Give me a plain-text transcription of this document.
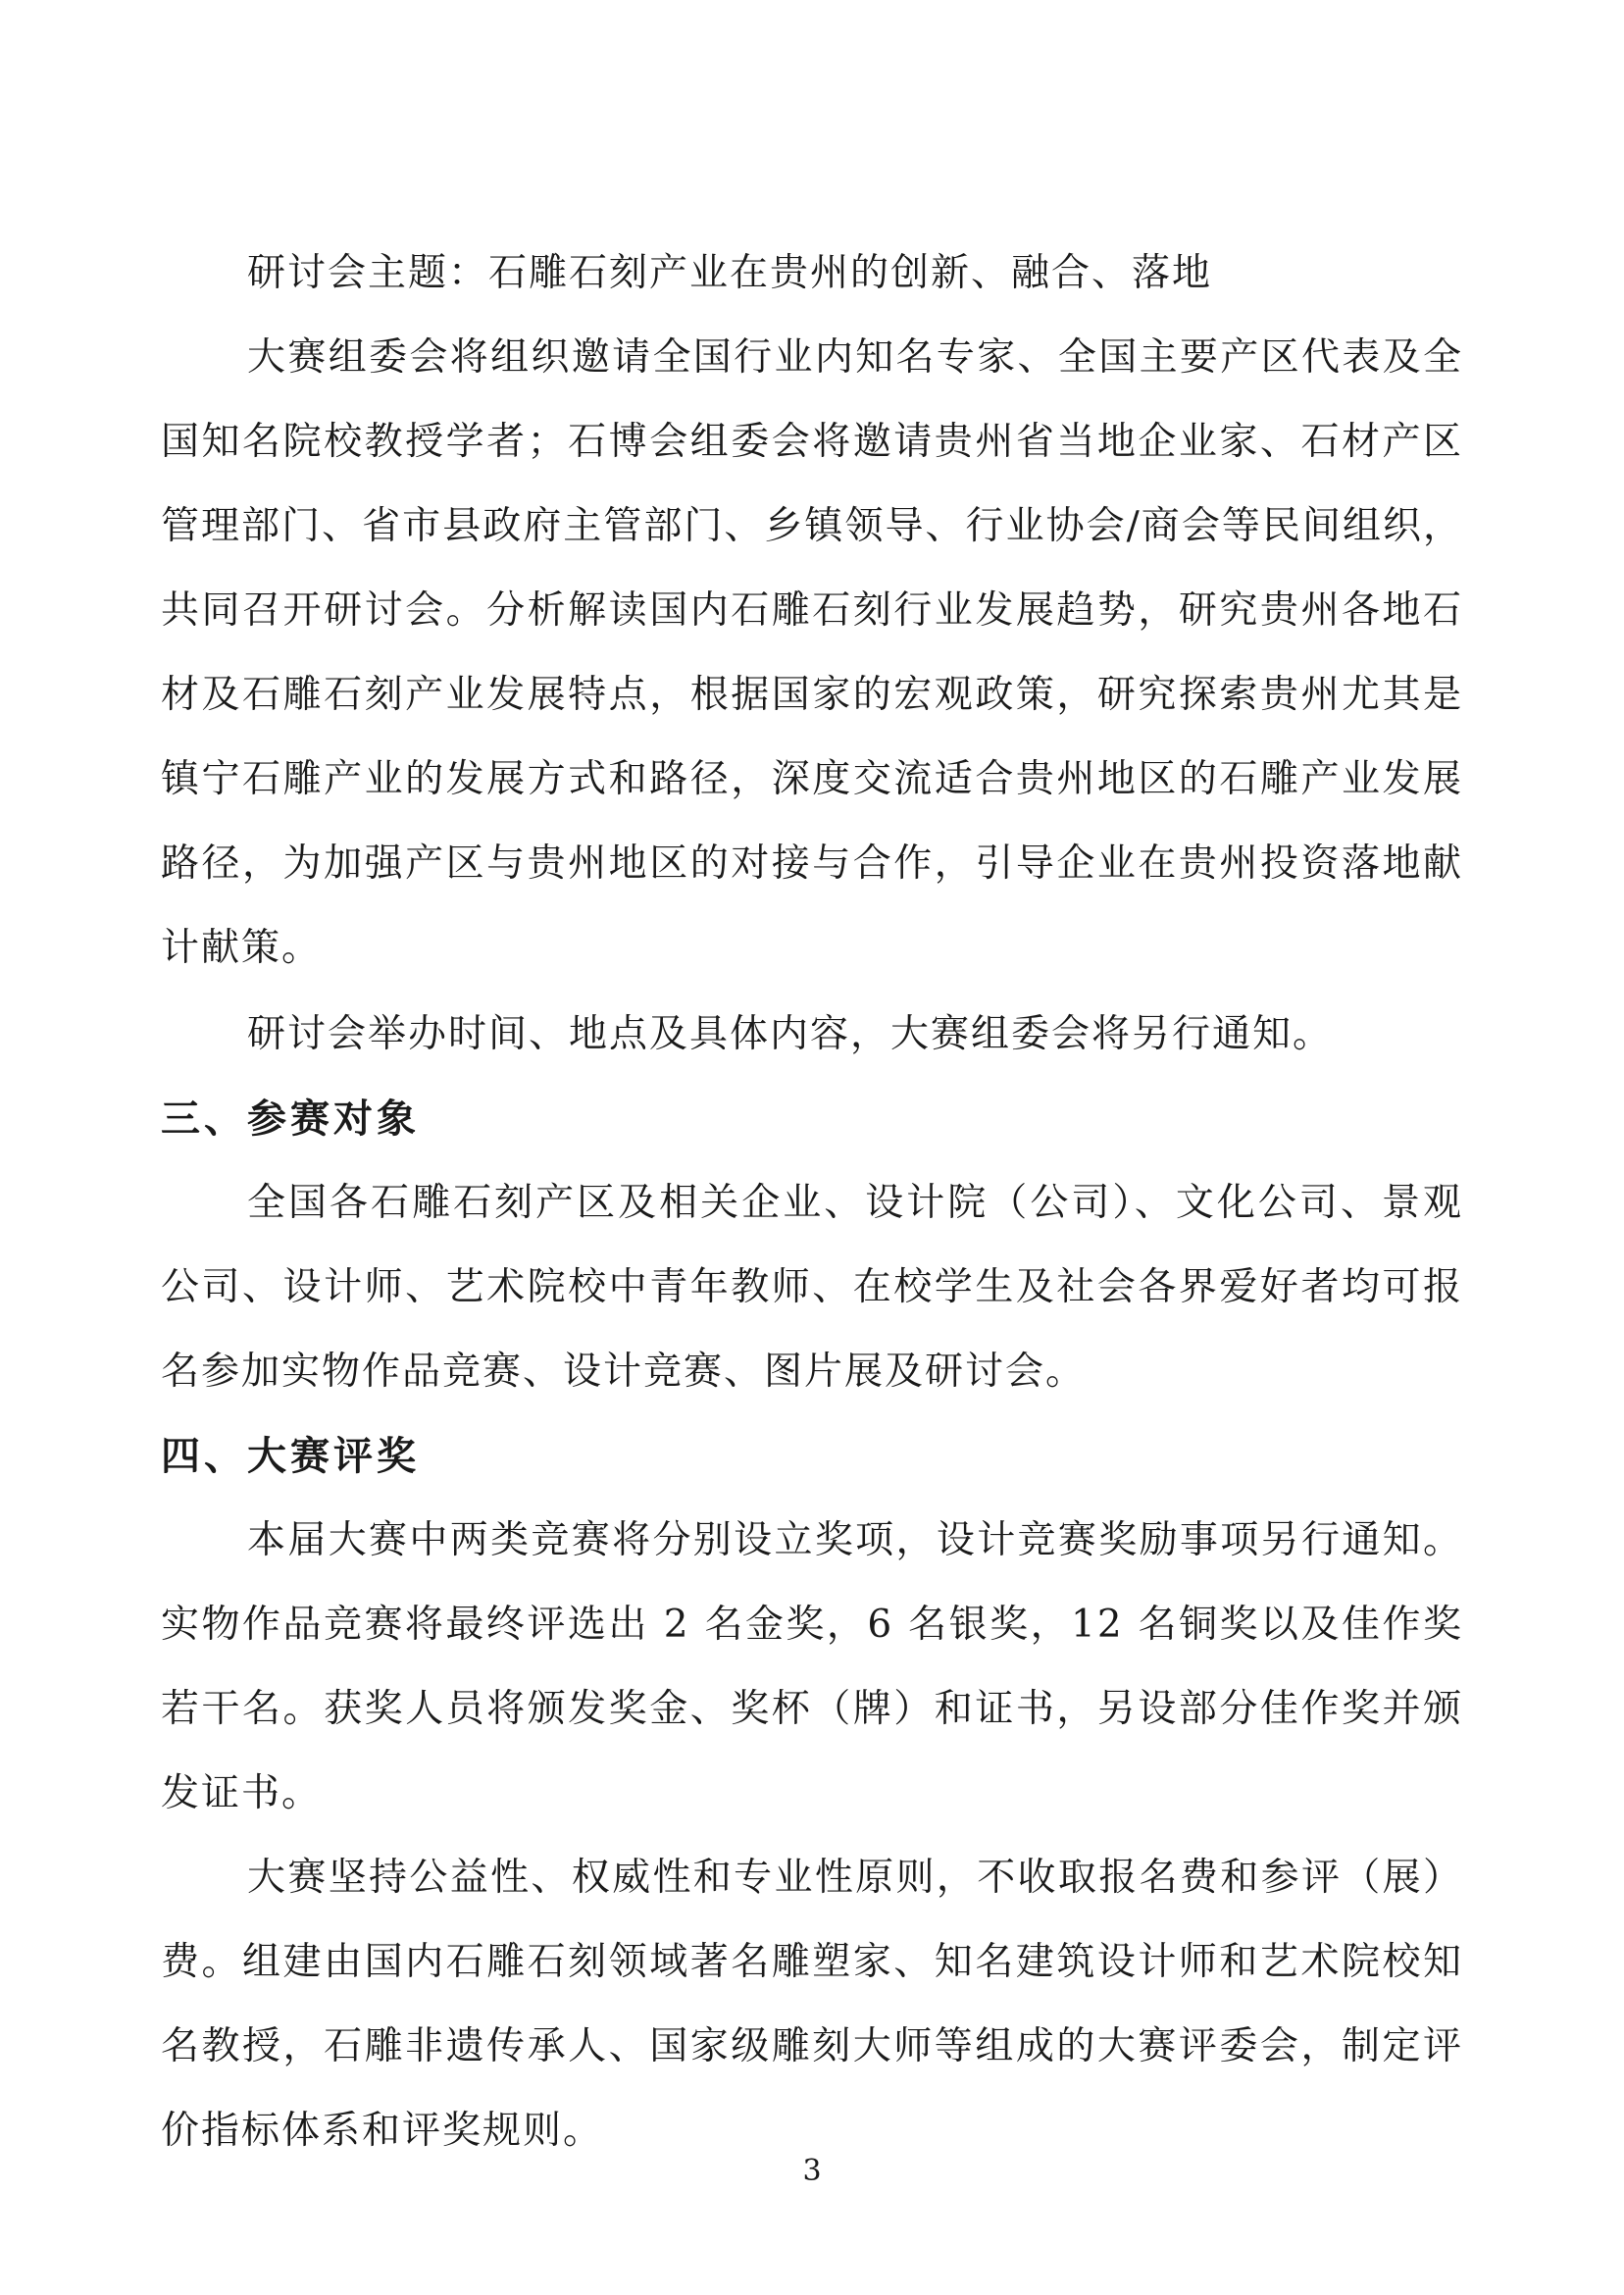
研讨会主题：石雕石刻产业在贵州的创新、融合、落地

大赛组委会将组织邀请全国行业内知名专家、全国主要产区代表及全国知名院校教授学者；石博会组委会将邀请贵州省当地企业家、石材产区管理部门、省市县政府主管部门、乡镇领导、行业协会/商会等民间组织，共同召开研讨会。分析解读国内石雕石刻行业发展趋势，研究贵州各地石材及石雕石刻产业发展特点，根据国家的宏观政策，研究探索贵州尤其是镇宁石雕产业的发展方式和路径，深度交流适合贵州地区的石雕产业发展路径，为加强产区与贵州地区的对接与合作，引导企业在贵州投资落地献计献策。

研讨会举办时间、地点及具体内容，大赛组委会将另行通知。

三、参赛对象

全国各石雕石刻产区及相关企业、设计院（公司）、文化公司、景观公司、设计师、艺术院校中青年教师、在校学生及社会各界爱好者均可报名参加实物作品竞赛、设计竞赛、图片展及研讨会。

四、大赛评奖

本届大赛中两类竞赛将分别设立奖项，设计竞赛奖励事项另行通知。实物作品竞赛将最终评选出 2 名金奖，6 名银奖，12 名铜奖以及佳作奖若干名。获奖人员将颁发奖金、奖杯（牌）和证书，另设部分佳作奖并颁发证书。

大赛坚持公益性、权威性和专业性原则，不收取报名费和参评（展）费。组建由国内石雕石刻领域著名雕塑家、知名建筑设计师和艺术院校知名教授，石雕非遗传承人、国家级雕刻大师等组成的大赛评委会，制定评价指标体系和评奖规则。

3
